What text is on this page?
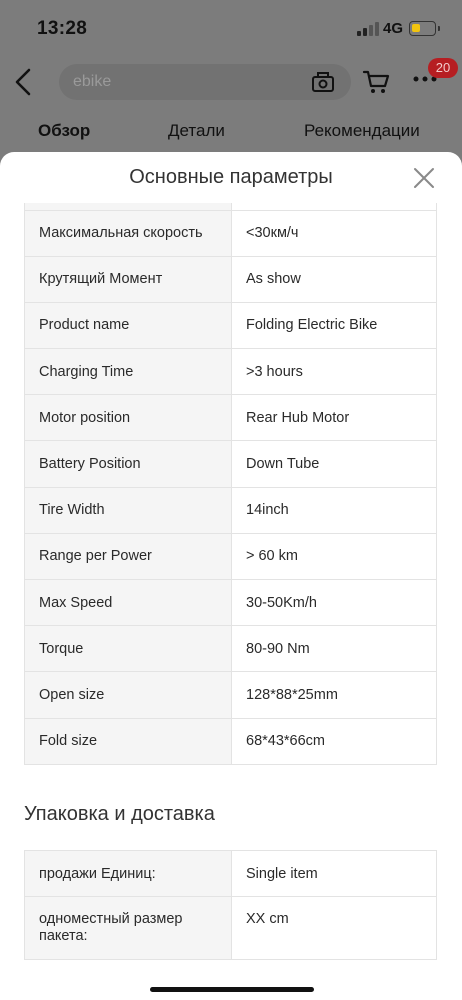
13:28	4G
ebike
20
Обзор	Детали	Рекомендации
Основные параметры

Максимальная скорость	<30км/ч
Крутящий Момент	As show
Product name	Folding Electric Bike
Charging Time	>3 hours
Motor position	Rear Hub Motor
Battery Position	Down Tube
Tire Width	14inch
Range per Power	> 60 km
Max Speed	30-50Km/h
Torque	80-90 Nm
Open size	128*88*25mm
Fold size	68*43*66cm
Упаковка и доставка
продажи Единиц:	Single item
одноместный размер пакета:	XX cm
